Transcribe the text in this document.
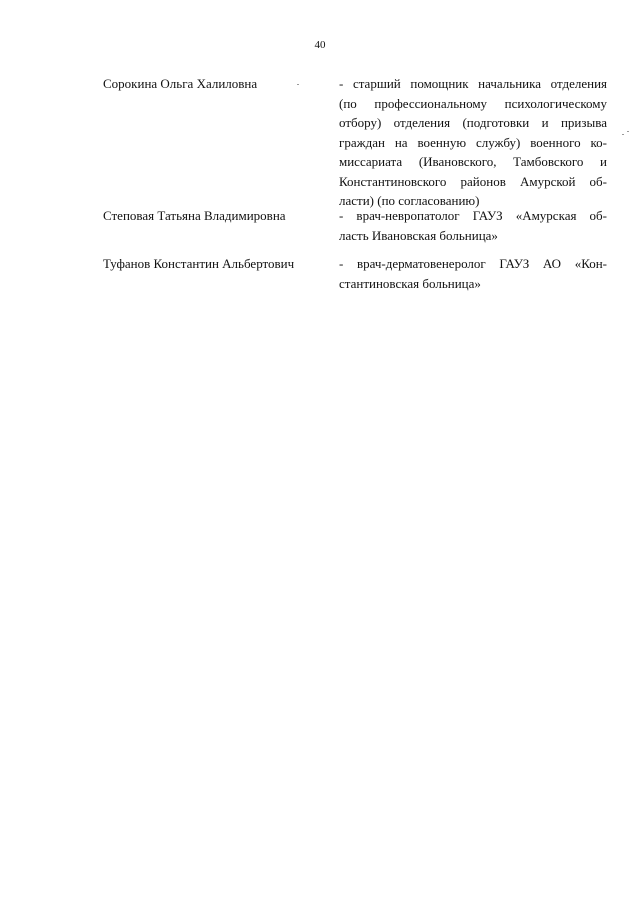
40
Сорокина Ольга Халиловна	- старший помощник начальника отделения
(по профессиональному психологическому
отбору) отделения (подготовки и призыва
граждан на военную службу) военного ко-
миссариата (Ивановского, Тамбовского и
Константиновского районов Амурской об-
ласти) (по согласованию)
Степовая Татьяна Владимировна	- врач-невропатолог ГАУЗ «Амурская об-
ласть Ивановская больница»
Туфанов Константин Альбертович	- врач-дерматовенеролог ГАУЗ АО «Кон-
стантиновская больница»
